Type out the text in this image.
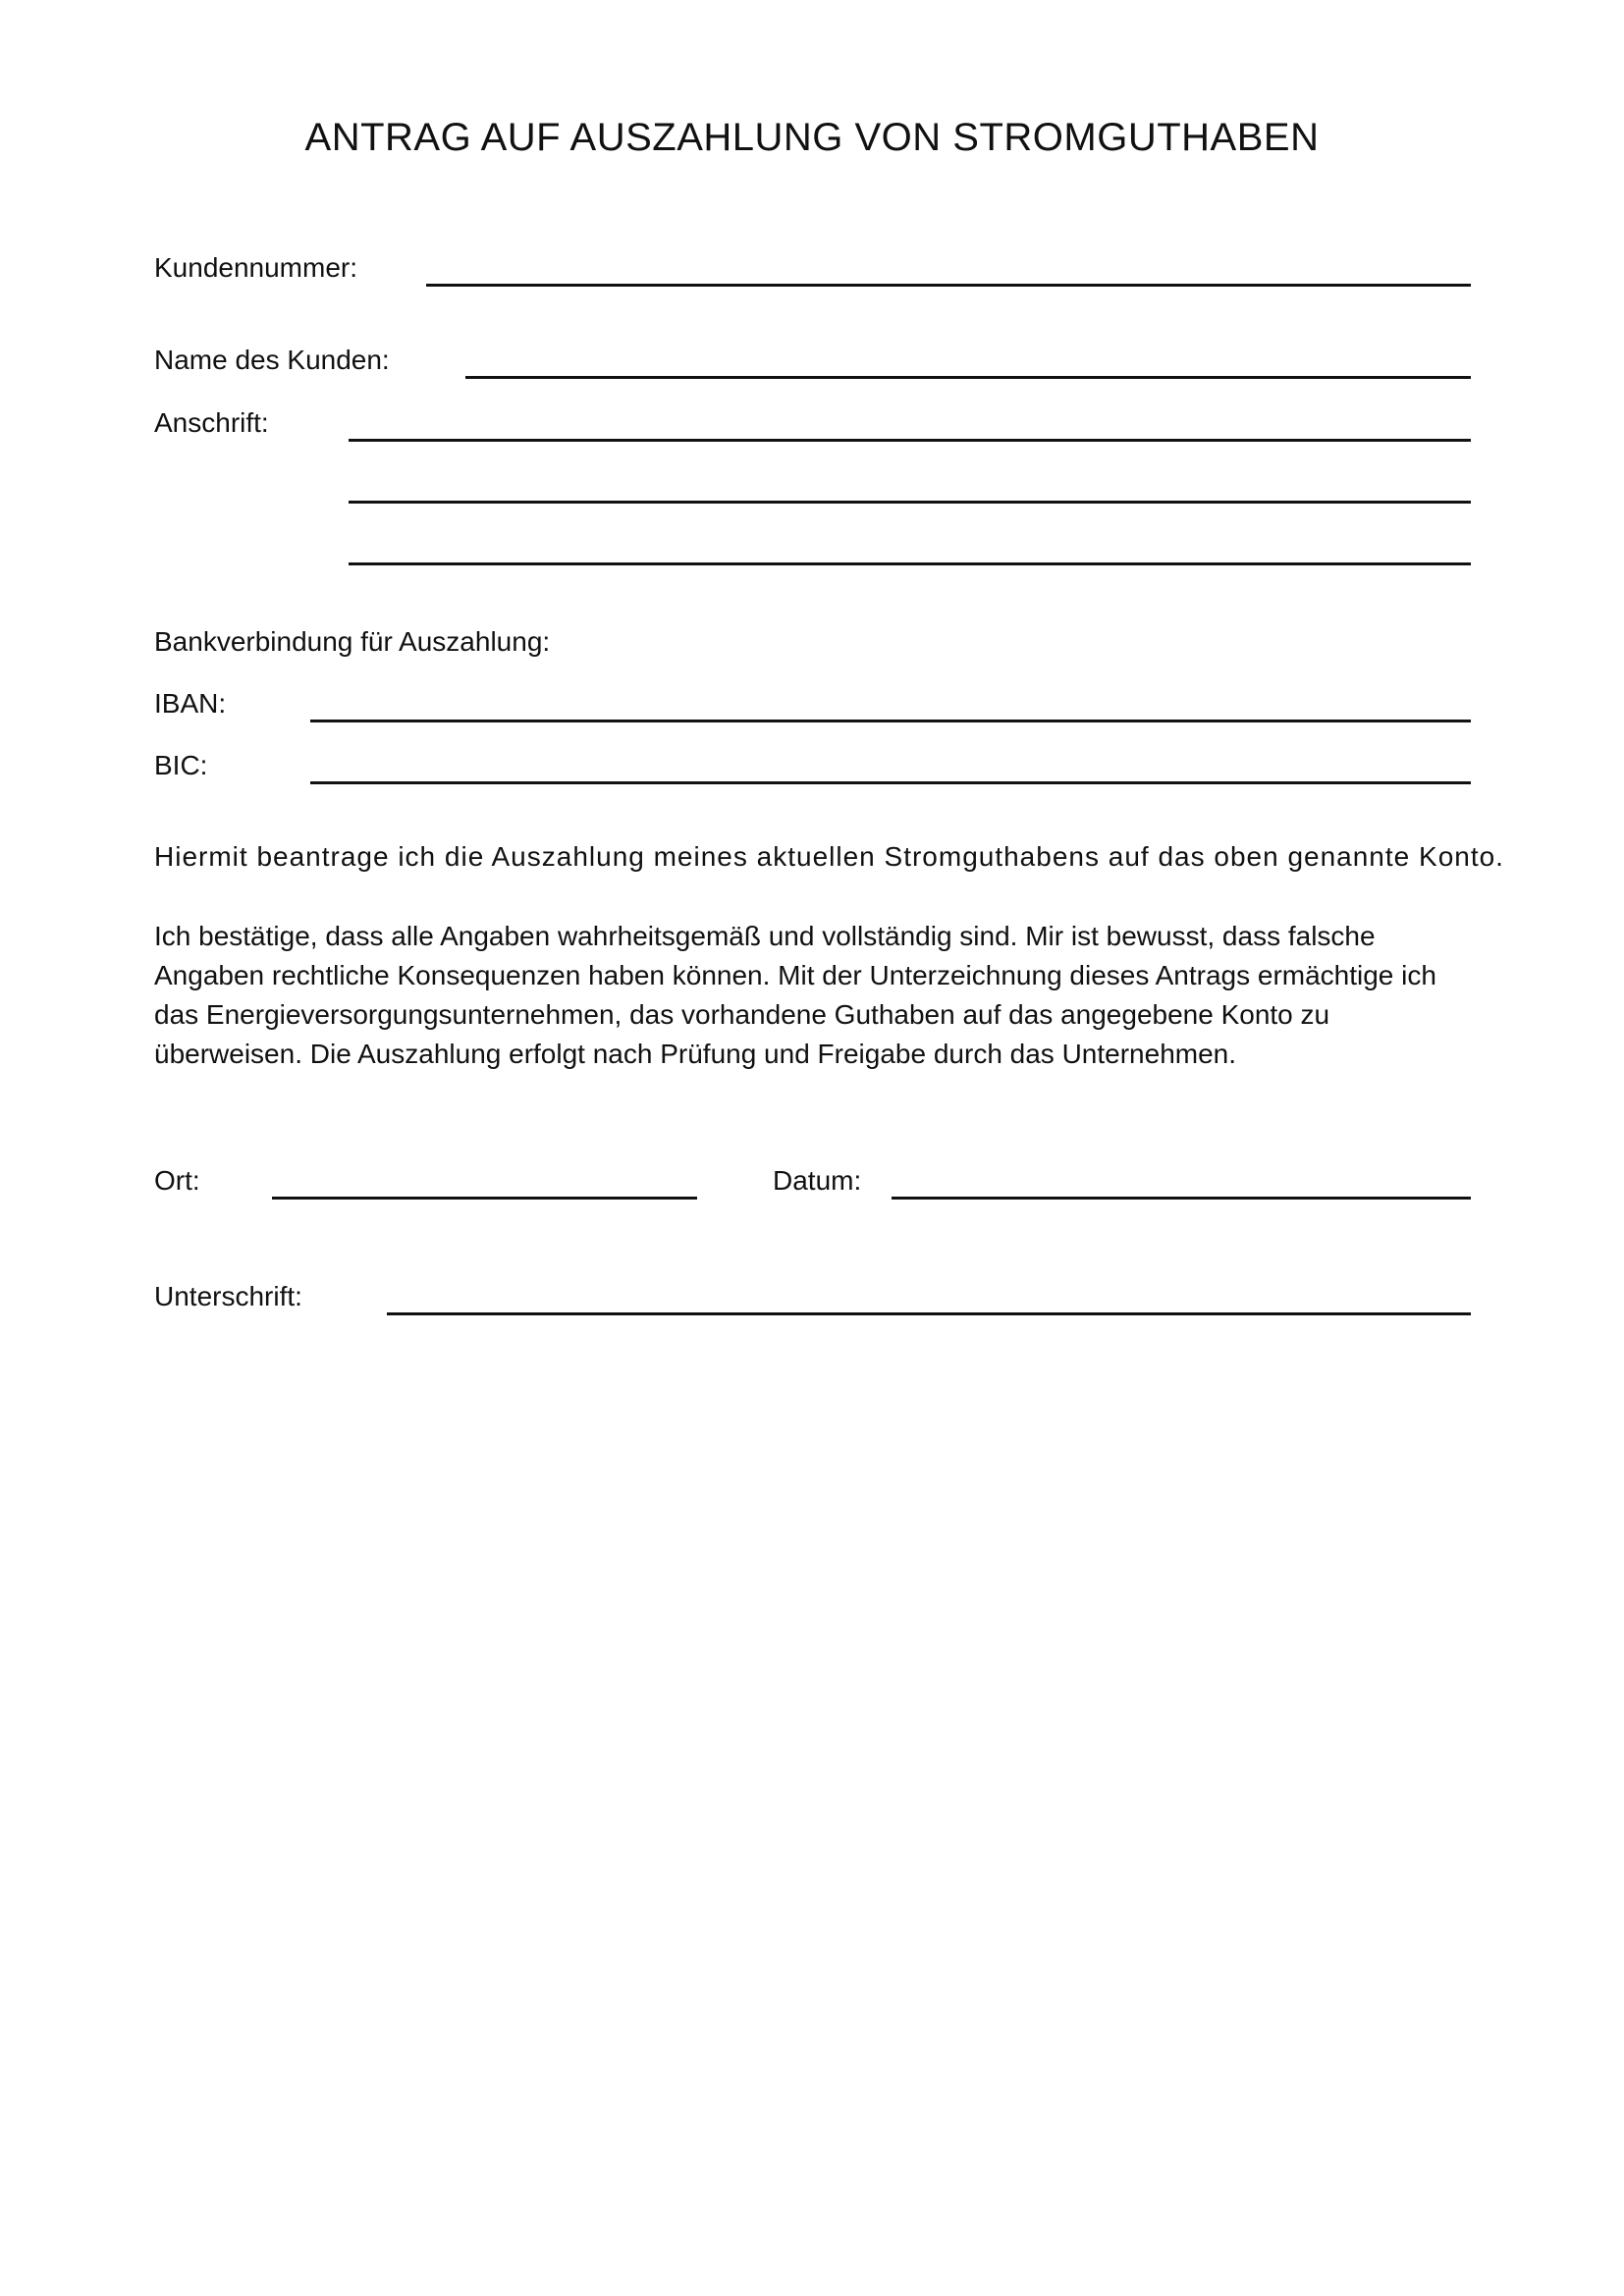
ANTRAG AUF AUSZAHLUNG VON STROMGUTHABEN
Kundennummer:
Name des Kunden:
Anschrift:
Bankverbindung für Auszahlung:
IBAN:
BIC:
Hiermit beantrage ich die Auszahlung meines aktuellen Stromguthabens auf das oben genannte Konto.
Ich bestätige, dass alle Angaben wahrheitsgemäß und vollständig sind. Mir ist bewusst, dass falsche
Angaben rechtliche Konsequenzen haben können. Mit der Unterzeichnung dieses Antrags ermächtige ich
das Energieversorgungsunternehmen, das vorhandene Guthaben auf das angegebene Konto zu
überweisen. Die Auszahlung erfolgt nach Prüfung und Freigabe durch das Unternehmen.
Ort:	Datum:
Unterschrift:
